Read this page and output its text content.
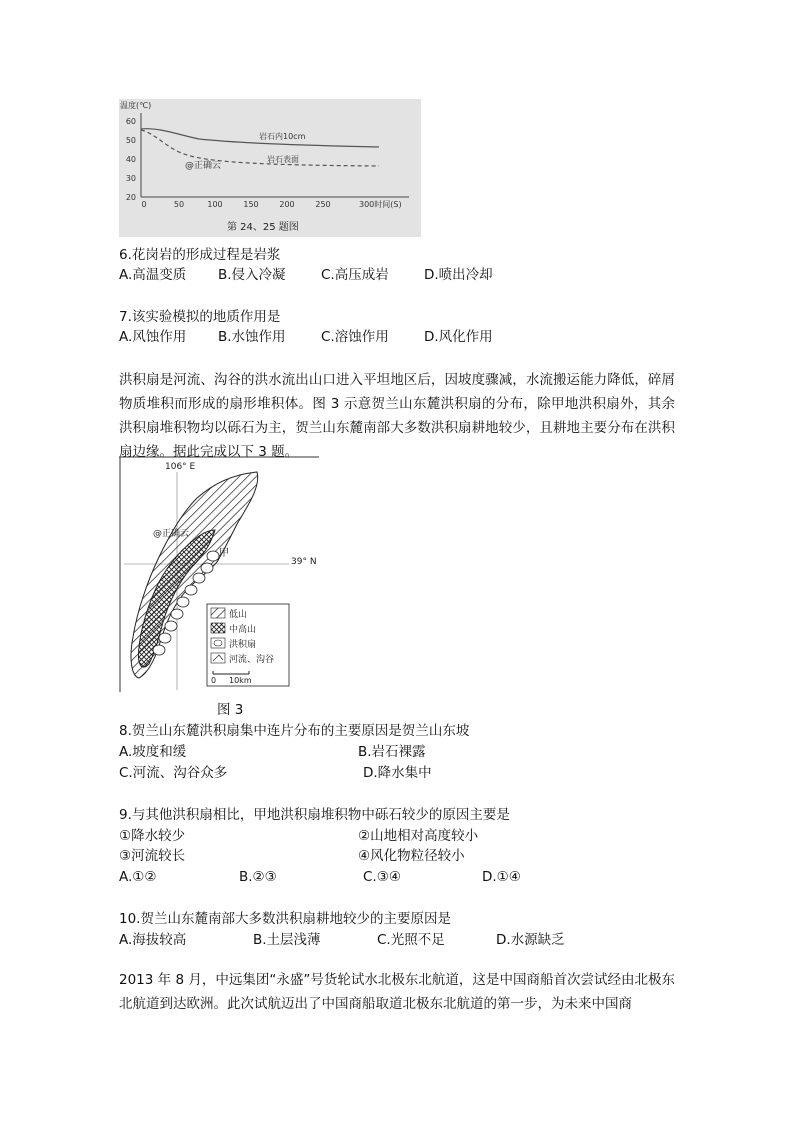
温度(℃)
60
50
40
30
20
0	50	100	150	200	250	300时间(S)
岩石内10cm
岩石表面
@正确云
第 24、25 题图
6.花岗岩的形成过程是岩浆
A.高温变质 B.侵入冷凝	C.高压成岩	D.喷出冷却
7.该实验模拟的地质作用是
A.风蚀作用 B.水蚀作用	C.溶蚀作用	D.风化作用
洪积扇是河流、沟谷的洪水流出山口进入平坦地区后，因坡度骤减，水流搬运能力降低，碎屑物质堆积而形成的扇形堆积体。图 3 示意贺兰山东麓洪积扇的分布，除甲地洪积扇外，其余洪积扇堆积物均以砾石为主，贺兰山东麓南部大多数洪积扇耕地较少，且耕地主要分布在洪积扇边缘。据此完成以下 3 题。
106° E
39° N
甲
@正确云
低山
中高山
洪积扇
河流、沟谷
0 10km
图 3
8.贺兰山东麓洪积扇集中连片分布的主要原因是贺兰山东坡
A.坡度和缓	B.岩石裸露
C.河流、沟谷众多	D.降水集中
9.与其他洪积扇相比，甲地洪积扇堆积物中砾石较少的原因主要是
①降水较少	②山地相对高度较小
③河流较长	④风化物粒径较小
A.①②	B.②③	C.③④	D.①④
10.贺兰山东麓南部大多数洪积扇耕地较少的主要原因是
A.海拔较高	B.土层浅薄	C.光照不足	D.水源缺乏
2013 年 8 月，中远集团“永盛”号货轮试水北极东北航道，这是中国商船首次尝试经由北极东北航道到达欧洲。此次试航迈出了中国商船取道北极东北航道的第一步，为未来中国商
